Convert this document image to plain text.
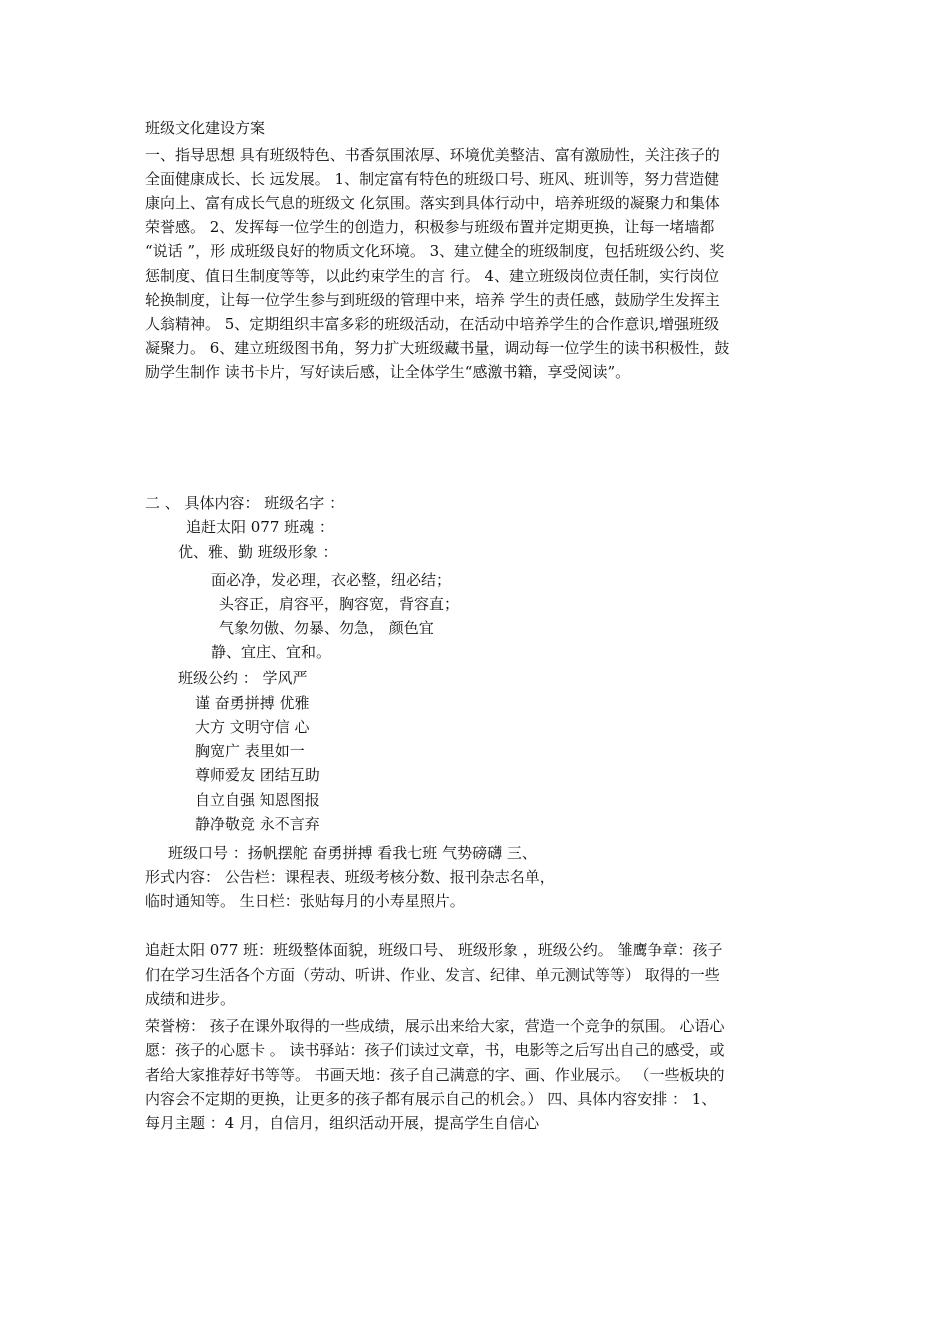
班级文化建设方案
一、指导思想 具有班级特色、书香氛围浓厚、环境优美整洁、富有激励性，关注孩子的
全面健康成长、长 远发展。 1、制定富有特色的班级口号、班风、班训等，努力营造健
康向上、富有成长气息的班级文 化氛围。落实到具体行动中，培养班级的凝聚力和集体
荣誉感。 2、发挥每一位学生的创造力，积极参与班级布置并定期更换，让每一堵墙都
“说话 ”，形 成班级良好的物质文化环境。 3、建立健全的班级制度，包括班级公约、奖
惩制度、值日生制度等等，以此约束学生的言 行。 4、建立班级岗位责任制，实行岗位
轮换制度，让每一位学生参与到班级的管理中来，培养 学生的责任感，鼓励学生发挥主
人翁精神。 5、定期组织丰富多彩的班级活动，在活动中培养学生的合作意识,增强班级
凝聚力。 6、建立班级图书角，努力扩大班级藏书量，调动每一位学生的读书积极性，鼓
励学生制作 读书卡片，写好读后感，让全体学生“感激书籍，享受阅读”。
二 、 具体内容： 班级名字 ：
追赶太阳 077 班魂 ：
优、雅、勤 班级形象 ：
面必净，发必理，衣必整，纽必结；
头容正，肩容平，胸容宽，背容直；
气象勿傲、勿暴、勿急， 颜色宜
静、宜庄、宜和。
班级公约 ： 学风严
谨 奋勇拼搏 优雅
大方 文明守信 心
胸宽广 表里如一
尊师爱友 团结互助
自立自强 知恩图报
静净敬竞 永不言弃
班级口号 ：扬帆摆舵 奋勇拼搏 看我七班 气势磅礴 三、
形式内容： 公告栏：课程表、班级考核分数、报刊杂志名单，
临时通知等。 生日栏：张贴每月的小寿星照片。
追赶太阳 077 班：班级整体面貌，班级口号、 班级形象 ，班级公约。 雏鹰争章：孩子
们在学习生活各个方面（劳动、听讲、作业、发言、纪律、单元测试等等） 取得的一些
成绩和进步。
荣誉榜： 孩子在课外取得的一些成绩，展示出来给大家，营造一个竞争的氛围。 心语心
愿：孩子的心愿卡 。 读书驿站：孩子们读过文章，书，电影等之后写出自己的感受，或
者给大家推荐好书等等。 书画天地：孩子自己满意的字、画、作业展示。 （一些板块的
内容会不定期的更换，让更多的孩子都有展示自己的机会。） 四、具体内容安排 ： 1、
每月主题 ：4 月，自信月，组织活动开展，提高学生自信心
